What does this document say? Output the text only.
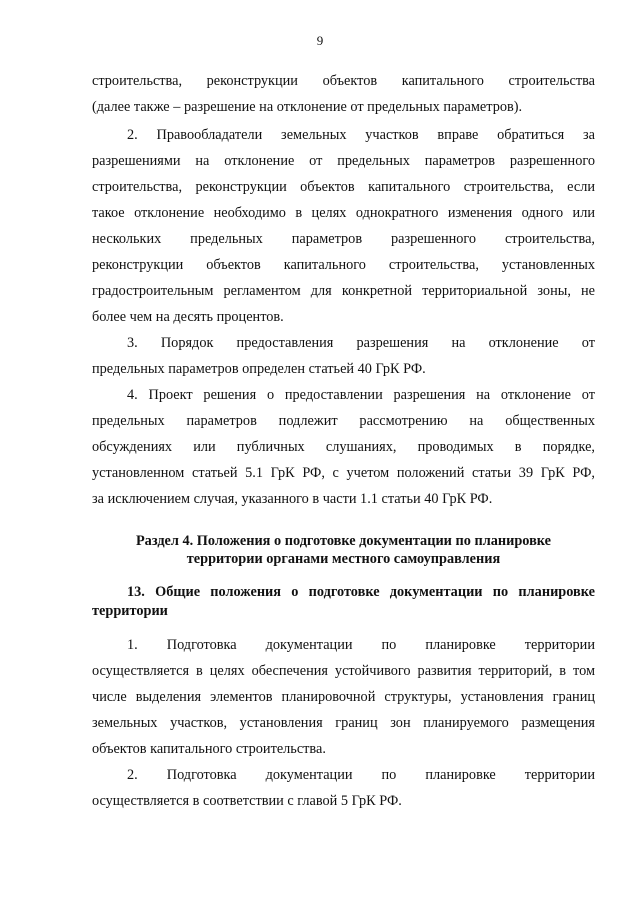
9
строительства, реконструкции объектов капитального строительства
(далее также – разрешение на отклонение от предельных параметров).
2. Правообладатели земельных участков вправе обратиться за
разрешениями на отклонение от предельных параметров разрешенного
строительства, реконструкции объектов капитального строительства, если
такое отклонение необходимо в целях однократного изменения одного или
нескольких предельных параметров разрешенного строительства,
реконструкции объектов капитального строительства, установленных
градостроительным регламентом для конкретной территориальной зоны, не
более чем на десять процентов.
3. Порядок предоставления разрешения на отклонение от
предельных параметров определен статьей 40 ГрК РФ.
4. Проект решения о предоставлении разрешения на отклонение от
предельных параметров подлежит рассмотрению на общественных
обсуждениях или публичных слушаниях, проводимых в порядке,
установленном статьей 5.1 ГрК РФ, с учетом положений статьи 39 ГрК РФ,
за исключением случая, указанного в части 1.1 статьи 40 ГрК РФ.
Раздел 4. Положения о подготовке документации по планировке
территории органами местного самоуправления
13. Общие положения о подготовке документации по планировке
территории
1. Подготовка документации по планировке территории
осуществляется в целях обеспечения устойчивого развития территорий, в том
числе выделения элементов планировочной структуры, установления границ
земельных участков, установления границ зон планируемого размещения
объектов капитального строительства.
2. Подготовка документации по планировке территории
осуществляется в соответствии с главой 5 ГрК РФ.
